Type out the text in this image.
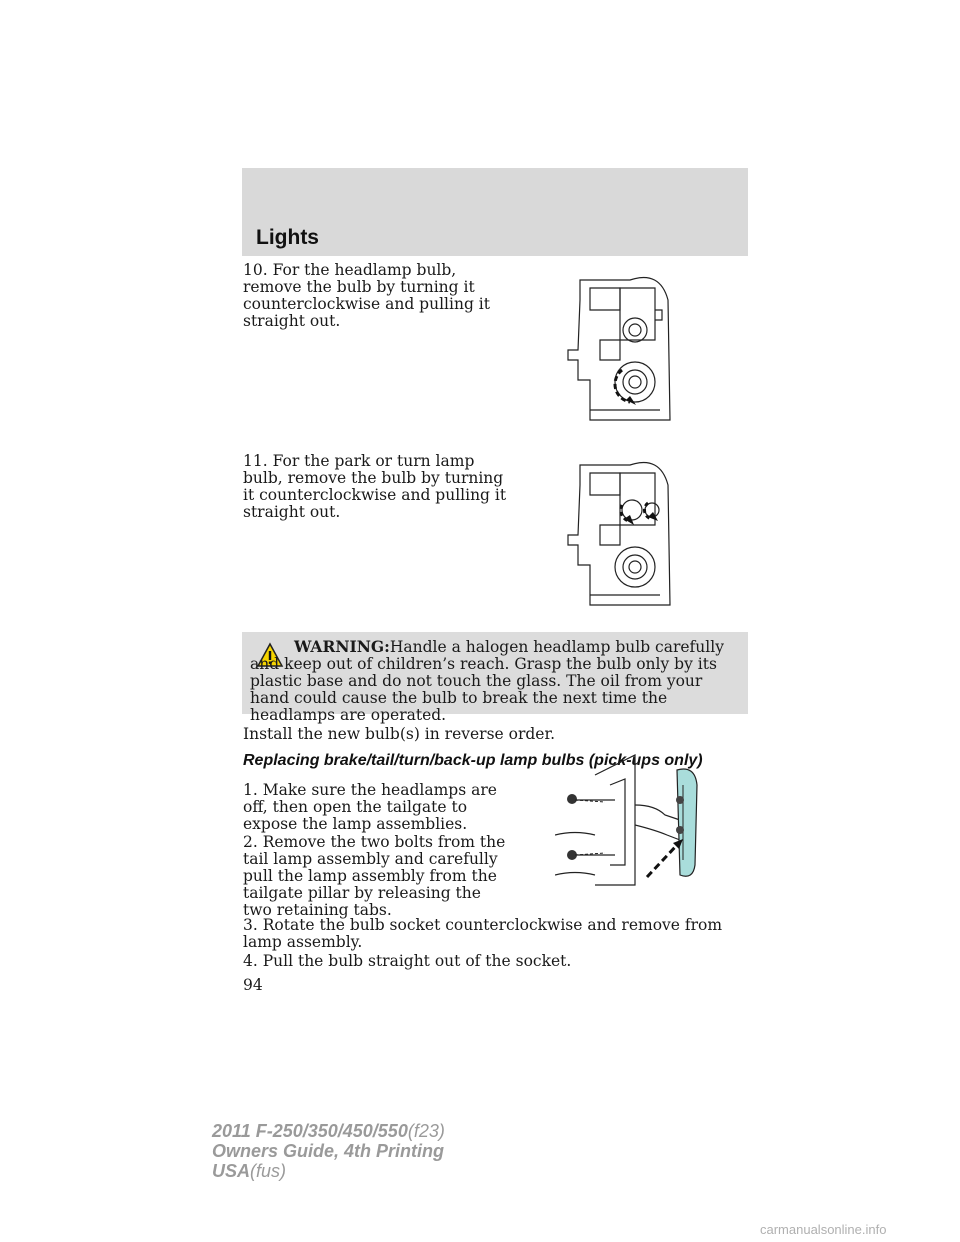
Lights
10. For the headlamp bulb, remove the bulb by turning it counterclockwise and pulling it straight out.
11. For the park or turn lamp bulb, remove the bulb by turning it counterclockwise and pulling it straight out.
WARNING:Handle a halogen headlamp bulb carefully and keep out of children’s reach. Grasp the bulb only by its plastic base and do not touch the glass. The oil from your hand could cause the bulb to break the next time the headlamps are operated.
Install the new bulb(s) in reverse order.
Replacing brake/tail/turn/back-up lamp bulbs (pick-ups only)
1. Make sure the headlamps are off, then open the tailgate to expose the lamp assemblies.
2. Remove the two bolts from the tail lamp assembly and carefully pull the lamp assembly from the tailgate pillar by releasing the two retaining tabs.
3. Rotate the bulb socket counterclockwise and remove from lamp assembly.
4. Pull the bulb straight out of the socket.
94
2011 F-250/350/450/550(f23)
Owners Guide, 4th Printing
USA(fus)
carmanualsonline.info
